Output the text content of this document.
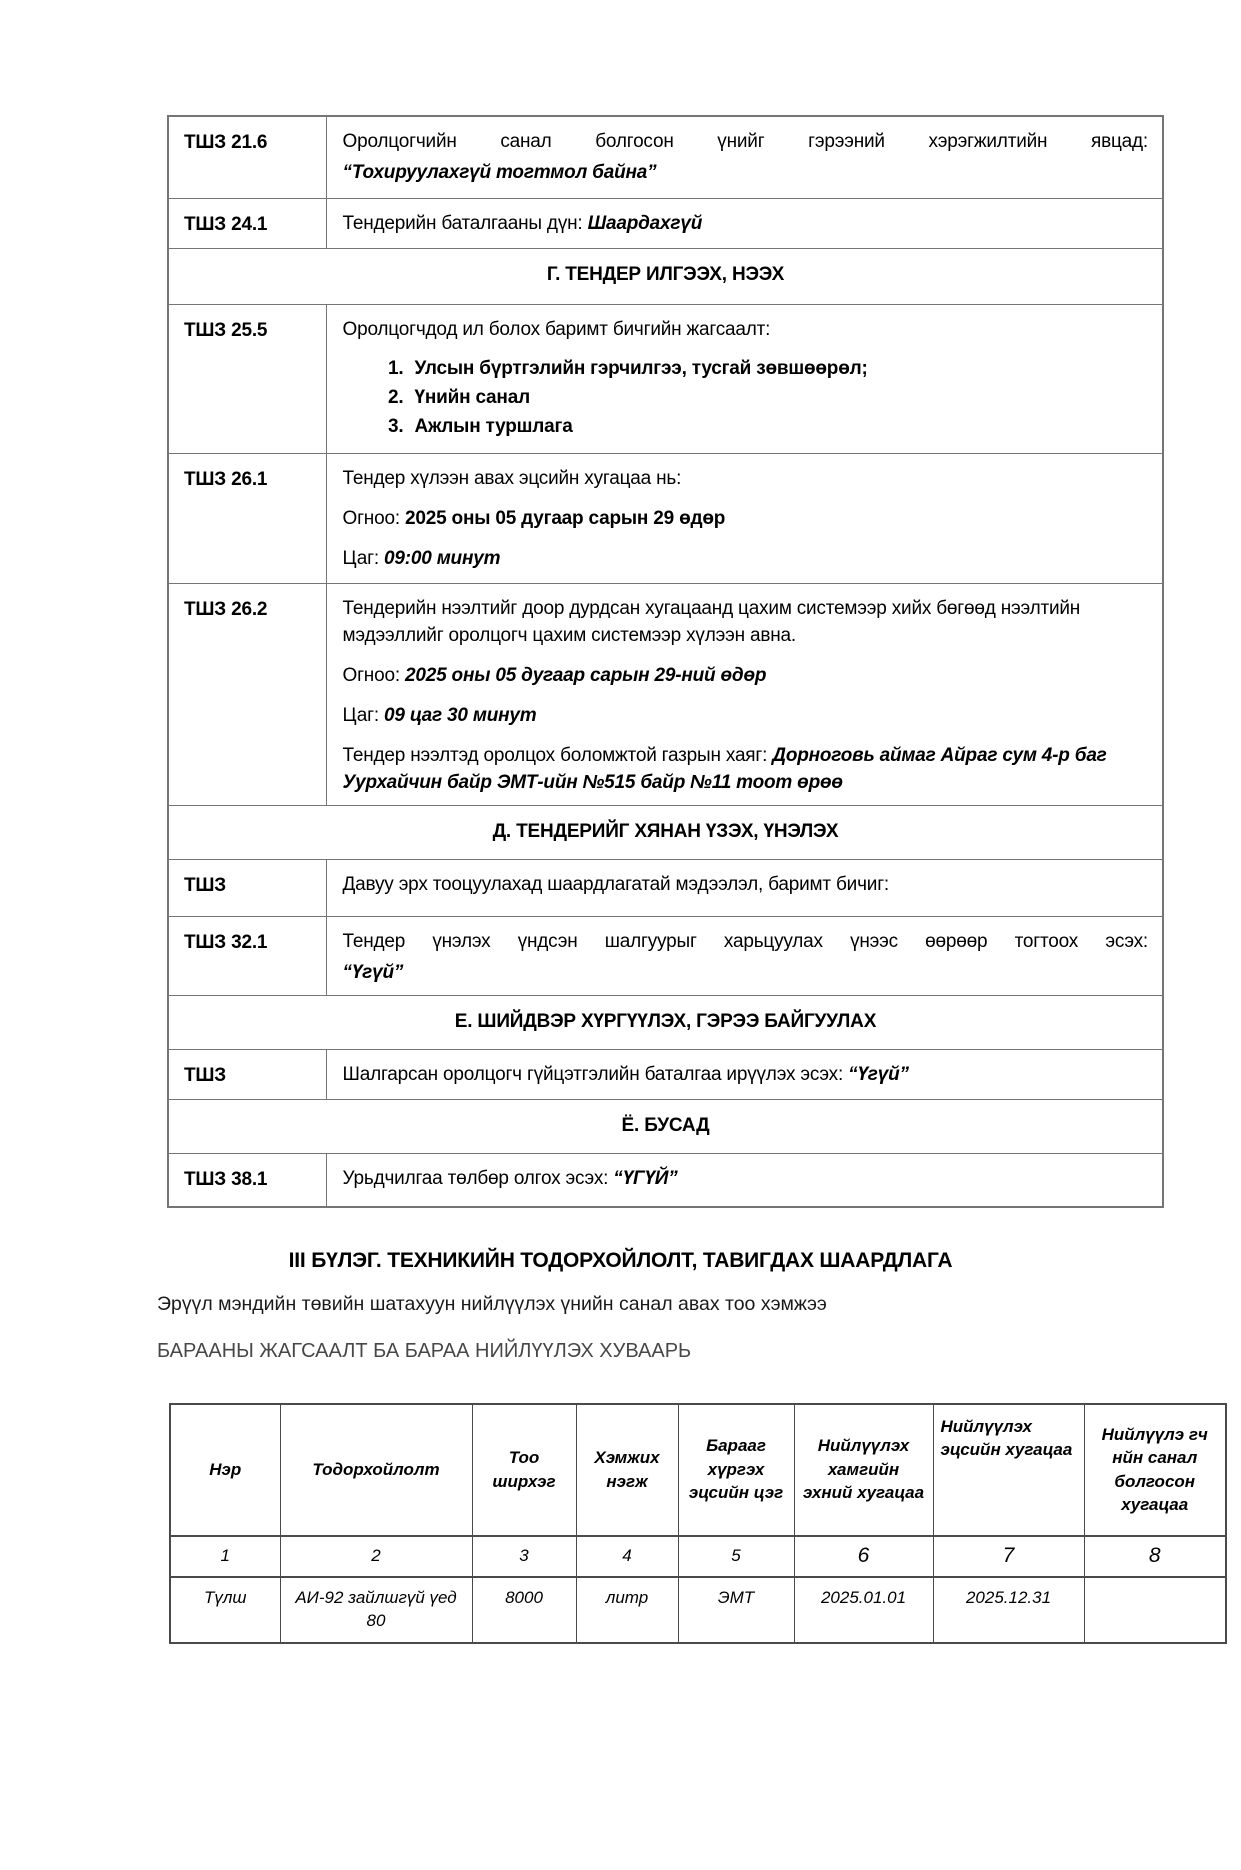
ТШЗ 21.6	Оролцогчийн санал болгосон үнийг гэрээний хэрэгжилтийн явцад:
“Тохируулахгүй тогтмол байна”

ТШЗ 24.1	Тендерийн баталгааны дүн: Шаардахгүй

Г. ТЕНДЕР ИЛГЭЭХ, НЭЭХ	
ТШЗ 25.5	Оролцогчдод ил болох баримт бичгийн жагсаалт:
1. Улсын бүртгэлийн гэрчилгээ, тусгай зөвшөөрөл;
2. Үнийн санал
3. Ажлын туршлага

ТШЗ 26.1	Тендер хүлээн авах эцсийн хугацаа нь:

Огноо: 2025 оны 05 дугаар сарын 29 өдөр

Цаг: 09:00 минут

ТШЗ 26.2	Тендерийн нээлтийг доор дурдсан хугацаанд цахим системээр хийх бөгөөд нээлтийн мэдээллийг оролцогч цахим системээр хүлээн авна.

Огноо: 2025 оны 05 дугаар сарын 29-ний өдөр

Цаг: 09 цаг 30 минут

Тендер нээлтэд оролцох боломжтой газрын хаяг: Дорноговь аймаг Айраг сум 4-р баг Уурхайчин байр ЭМТ-ийн №515 байр №11 тоот өрөө

Д. ТЕНДЕРИЙГ ХЯНАН ҮЗЭХ, ҮНЭЛЭХ	
ТШЗ	Давуу эрх тооцуулахад шаардлагатай мэдээлэл, баримт бичиг:

ТШЗ 32.1	Тендер үнэлэх үндсэн шалгуурыг харьцуулах үнээс өөрөөр тогтоох эсэх:
“Үгүй”

Е. ШИЙДВЭР ХҮРГҮҮЛЭХ, ГЭРЭЭ БАЙГУУЛАХ	
ТШЗ	Шалгарсан оролцогч гүйцэтгэлийн баталгаа ирүүлэх эсэх: “Үгүй”

Ё. БУСАД	
ТШЗ 38.1	Урьдчилгаа төлбөр олгох эсэх: “ҮГҮЙ”

III БҮЛЭГ. ТЕХНИКИЙН ТОДОРХОЙЛОЛТ, ТАВИГДАХ ШААРДЛАГА
Эрүүл мэндийн төвийн шатахуун нийлүүлэх үнийн санал авах тоо хэмжээ
БАРААНЫ ЖАГСААЛТ БА БАРАА НИЙЛҮҮЛЭХ ХУВААРЬ
Нэр	Тодорхойлолт	Тоо ширхэг	Хэмжих нэгж	Барааг хүргэх эцсийн цэг	Нийлүүлэх хамгийн эхний хугацаа	Нийлүүлэх эцсийн хугацаа	Нийлүүлэ гч нйн санал болгосон хугацаа
1	2	3	4	5	6	7	8
Түлш	АИ-92 зайлшгүй үед 80	8000	литр	ЭМТ	2025.01.01	2025.12.31	
